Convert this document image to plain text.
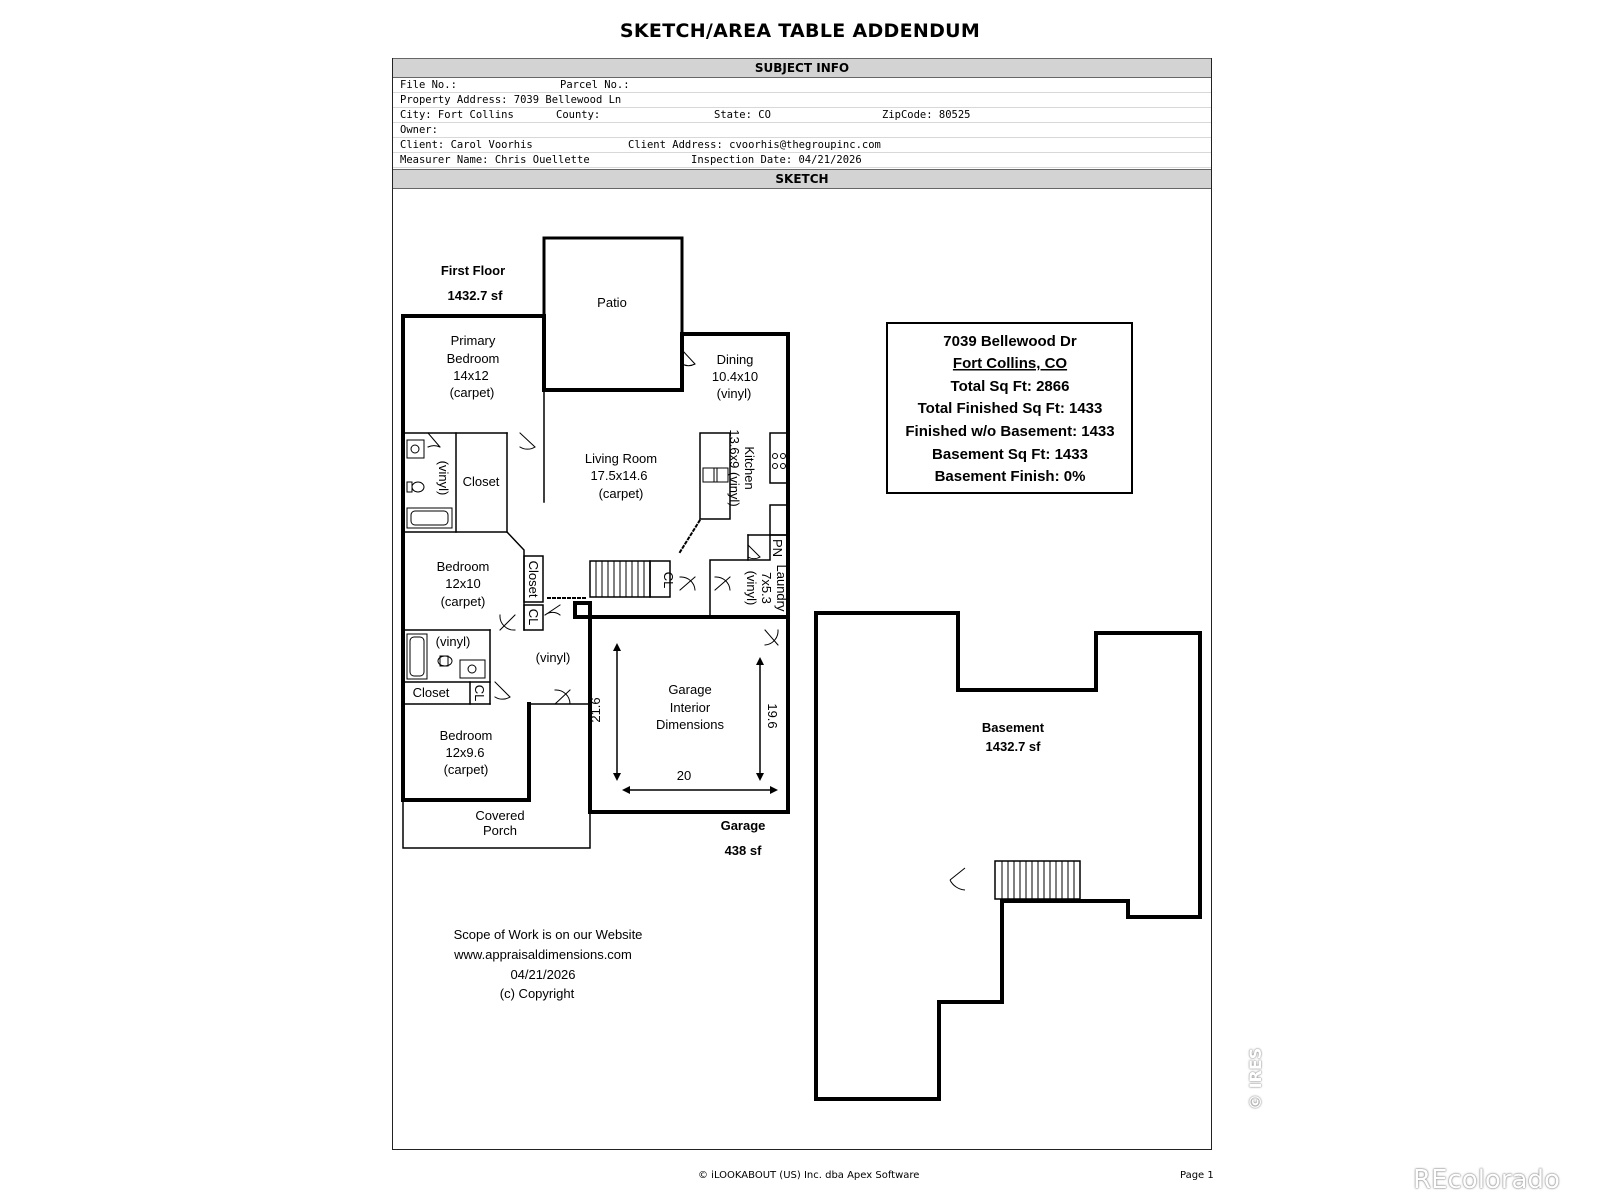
SKETCH/AREA TABLE ADDENDUM
SUBJECT INFO
File No.:	Parcel No.:
Property Address: 7039 Bellewood Ln
City: Fort Collins	County:	State: CO	ZipCode: 80525
Owner:
Client: Carol Voorhis	Client Address: cvoorhis@thegroupinc.com
Measurer Name: Chris Ouellette	Inspection Date: 04/21/2026
SKETCH
First Floor
1432.7 sf	Patio
Primary
Bedroom
14x12
(carpet)
Dining
10.4x10
(vinyl)
Living Room
17.5x14.6
(carpet)
Closet
Bedroom
12x10
(carpet)
(vinyl)
(vinyl)
Closet
Bedroom
12x9.6
(carpet)
Covered
Porch
Garage
Interior
Dimensions
20
Garage
438 sf
Basement
1432.7 sf
Scope of Work is on our Website
www.appraisaldimensions.com
04/21/2026
(c) Copyright
7039 Bellewood Dr
Fort Collins, CO
Total Sq Ft: 2866
Total Finished Sq Ft: 1433
Finished w/o Basement: 1433
Basement Sq Ft: 1433
Basement Finish: 0%
(vinyl)	Kitchen
13.6x9 (vinyl)
Closet
CL
CL
PN
Laundry
7x5.3
(vinyl)
CL
21.6	19.6
© iLOOKABOUT (US) Inc. dba Apex Software	Page 1
© IRES
REcolorado
